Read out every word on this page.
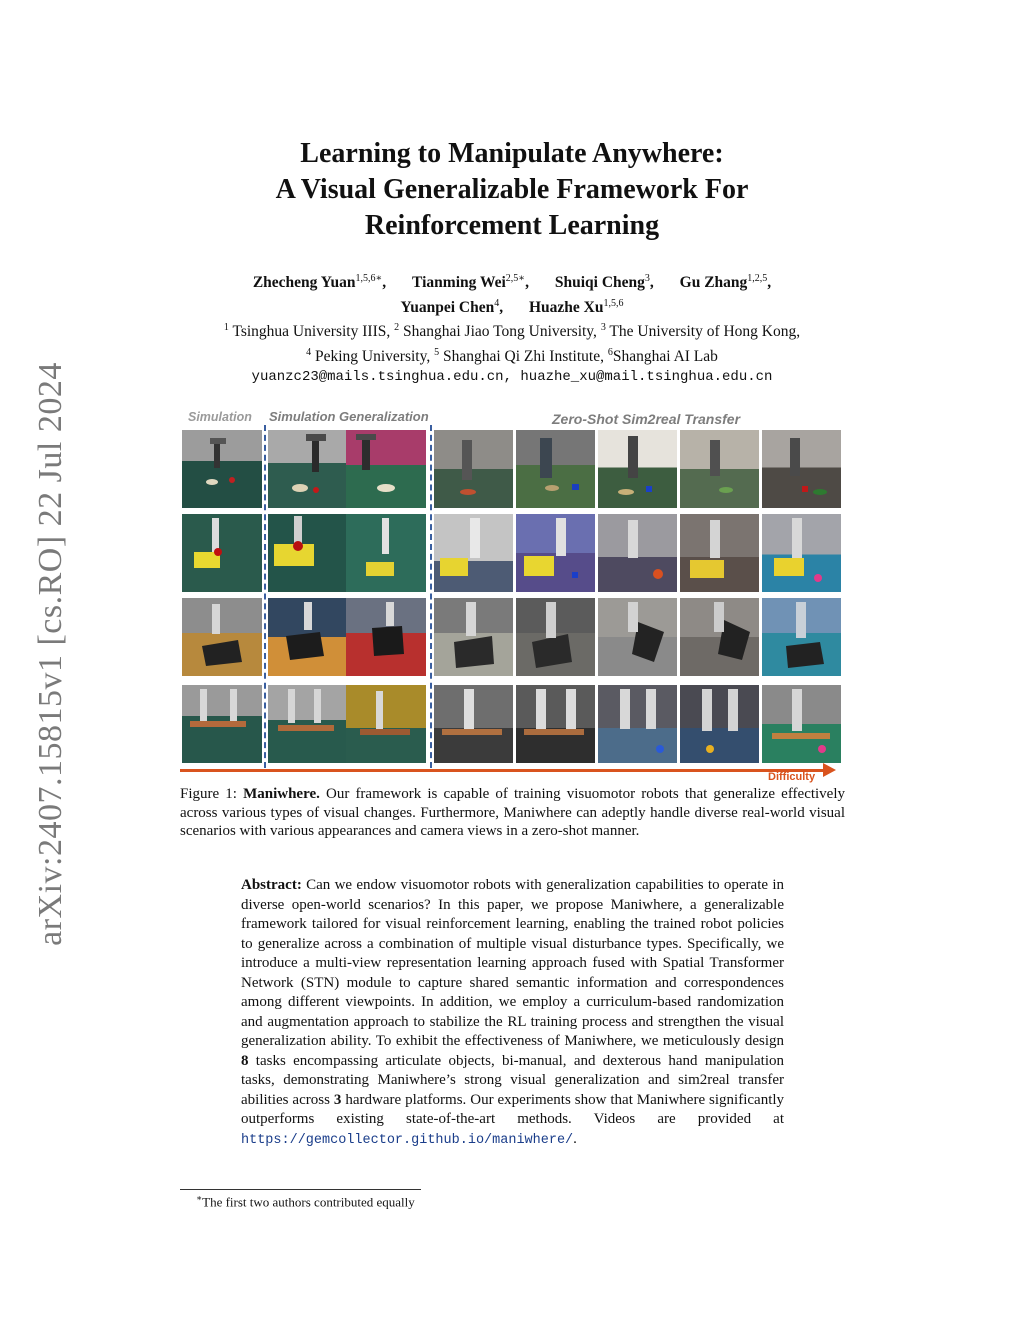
arXiv:2407.15815v1 [cs.RO] 22 Jul 2024
Learning to Manipulate Anywhere:
A Visual Generalizable Framework For
Reinforcement Learning
Zhecheng Yuan$^{1,5,6∗}$, Tianming Wei$^{2,5∗}$, Shuiqi Cheng$^3$, Gu Zhang$^{1,2,5}$,
Yuanpei Chen$^4$, Huazhe Xu$^{1,5,6}$
$^1$ Tsinghua University IIIS, $^2$ Shanghai Jiao Tong University, $^3$ The University of Hong Kong,
$^4$ Peking University, $^5$ Shanghai Qi Zhi Institute, $^6$Shanghai AI Lab
yuanzc23@mails.tsinghua.edu.cn, huazhe_xu@mail.tsinghua.edu.cn
Simulation Simulation Generalization	Zero-Shot Sim2real Transfer
Difficulty
Figure 1: Maniwhere. Our framework is capable of training visuomotor robots that generalize effectively across various types of visual changes. Furthermore, Maniwhere can adeptly handle diverse real-world visual scenarios with various appearances and camera views in a zero-shot manner.
Abstract: Can we endow visuomotor robots with generalization capabilities to operate in diverse open-world scenarios? In this paper, we propose Maniwhere, a generalizable framework tailored for visual reinforcement learning, enabling the trained robot policies to generalize across a combination of multiple visual disturbance types. Specifically, we introduce a multi-view representation learning approach fused with Spatial Transformer Network (STN) module to capture shared semantic information and correspondences among different viewpoints. In addition, we employ a curriculum-based randomization and augmentation approach to stabilize the RL training process and strengthen the visual generalization ability. To exhibit the effectiveness of Maniwhere, we meticulously design 8 tasks encompassing articulate objects, bi-manual, and dexterous hand manipulation tasks, demonstrating Maniwhere’s strong visual generalization and sim2real transfer abilities across 3 hardware platforms. Our experiments show that Maniwhere significantly outperforms existing state-of-the-art methods. Videos are provided at https://gemcollector.github.io/maniwhere/.
∗The first two authors contributed equally
